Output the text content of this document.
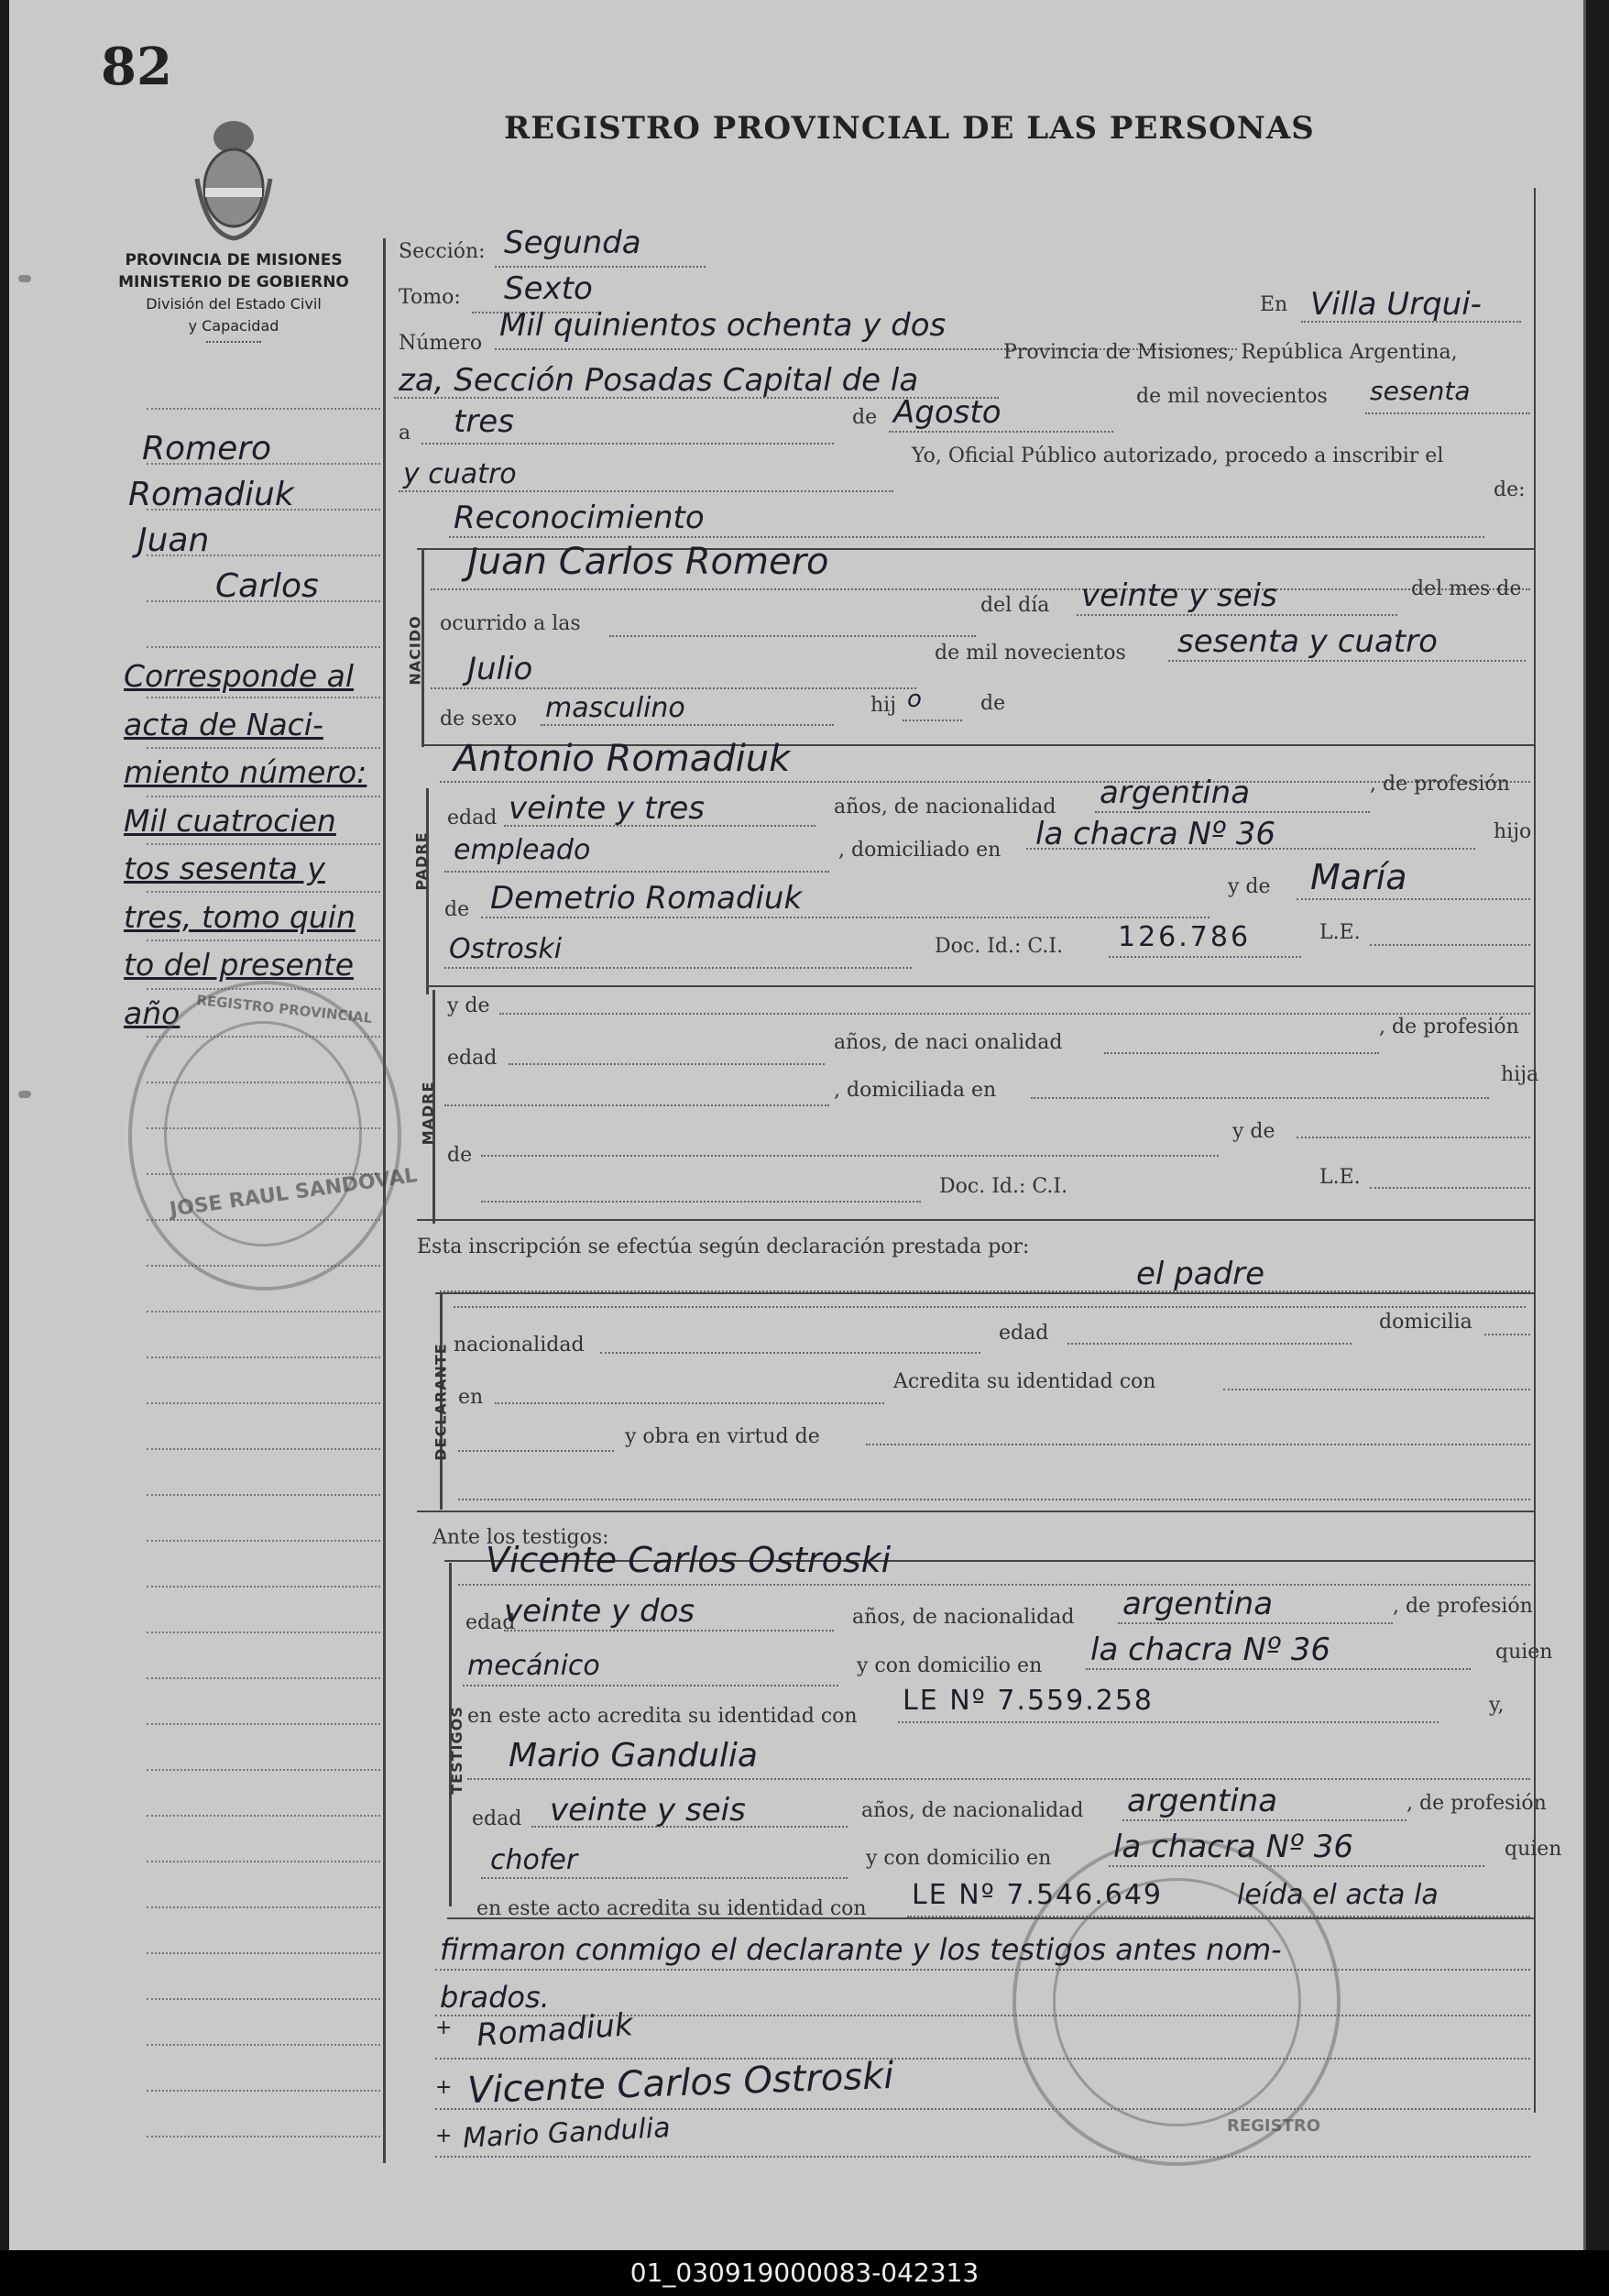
82
REGISTRO PROVINCIAL DE LAS PERSONAS
PROVINCIA DE MISIONES
MINISTERIO DE GOBIERNO
División del Estado Civil
y Capacidad
Romero
Romadiuk
Juan
Carlos
Corresponde al
acta de Naci-
miento número:
Mil cuatrocien
tos sesenta y
tres, tomo quin
to del presente
año
JOSE RAUL SANDOVAL
REGISTRO PROVINCIAL
REGISTRO
Sección: Segunda
Tomo: Sexto
Número Mil quinientos ochenta y dos
En Villa Urqui-
za, Sección Posadas Capital de la
Provincia de Misiones, República Argentina,
a tres	de Agosto	de mil novecientos sesenta
y cuatro
Yo, Oficial Público autorizado, procedo a inscribir el
Reconocimiento
de:
NACIDO
Juan Carlos Romero
ocurrido a las
del día veinte y seis	del mes de
Julio	de mil novecientos sesenta y cuatro
de sexo masculino	hij o	de
PADRE
Antonio Romadiuk
edad veinte y tres	años, de nacionalidad argentina	, de profesión
empleado	, domiciliado en la chacra Nº 36	hijo
de Demetrio Romadiuk	y de María
Ostroski	Doc. Id.: C.I. 126.786	L.E.
MADRE
y de
edad
años, de naci onalidad
, de profesión
, domiciliada en
hija
de
y de
Doc. Id.: C.I.	L.E.
Esta inscripción se efectúa según declaración prestada por:
el padre
DECLARANTE nacionalidad
edad	domicilia
en
Acredita su identidad con
y obra en virtud de
Ante los testigos:
TESTIGOS
Vicente Carlos Ostroski
edad
veinte y dos	años, de nacionalidad argentina	, de profesión
mecánico	y con domicilio en la chacra Nº 36	quien
en este acto acredita su identidad con LE Nº 7.559.258	y,
Mario Gandulia
edad veinte y seis	años, de nacionalidad argentina	, de profesión
chofer	y con domicilio en la chacra Nº 36	quien
en este acto acredita su identidad con LE Nº 7.546.649	leída el acta la
firmaron conmigo el declarante y los testigos antes nom-
brados.
+ Romadiuk
+ Vicente Carlos Ostroski
+ Mario Gandulia
01_030919000083-042313
